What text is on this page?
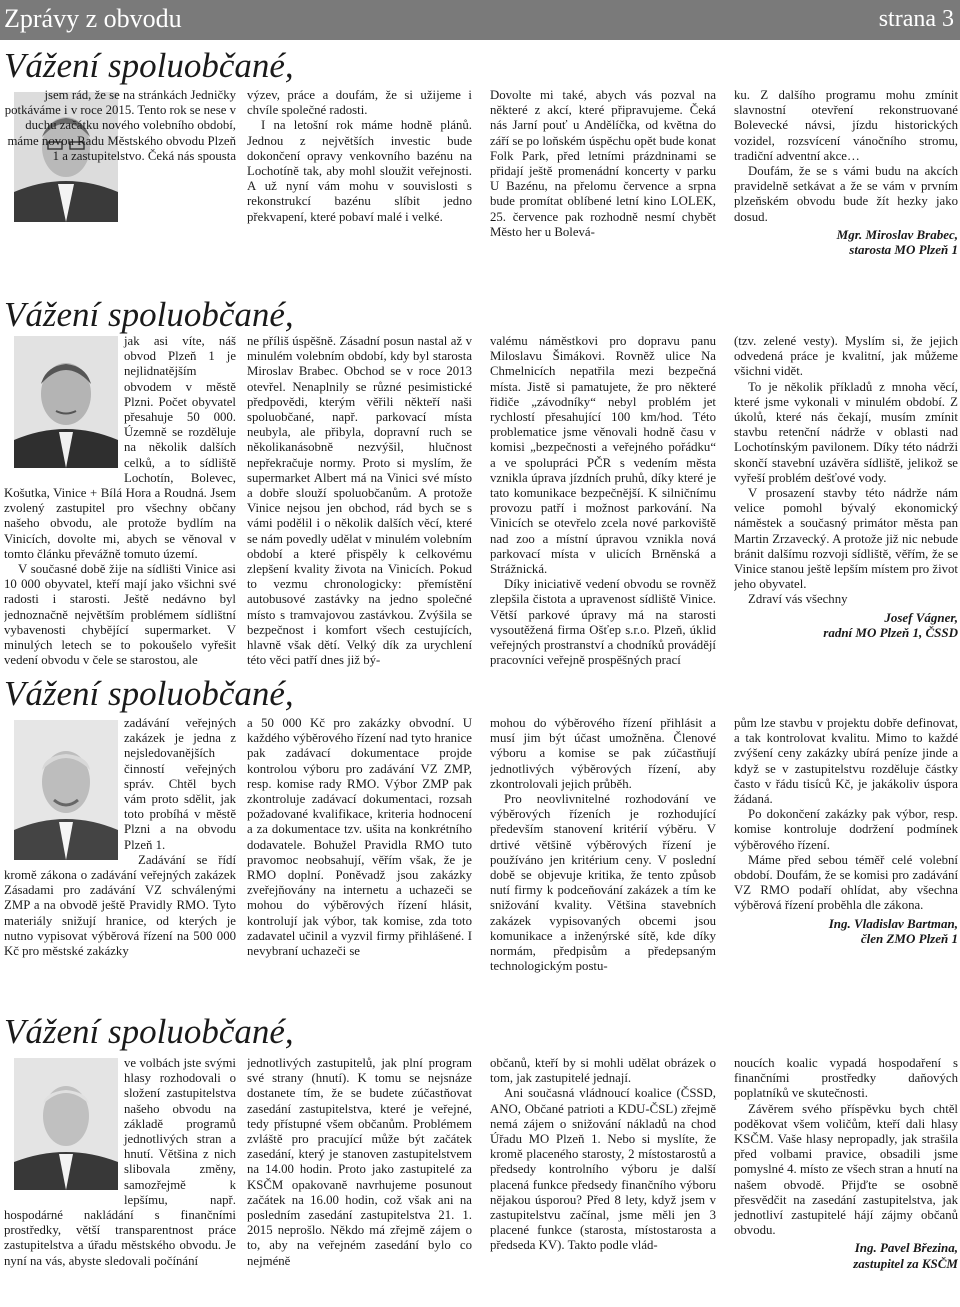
Zprávy z obvodu	strana 3
Vážení spoluobčané,

jsem rád, že se na stránkách Jedničky potkáváme i v roce 2015. Tento rok se nese v duchu začátku nového volebního období, máme novou Radu Městského obvodu Plzeň 1 a zastupitelstvo. Čeká nás spousta

výzev, práce a doufám, že si užijeme i chvíle společné radosti.

I na letošní rok máme hodně plánů. Jednou z největších investic bude dokončení opravy venkovního bazénu na Lochotíně tak, aby mohl sloužit veřejnosti. A už nyní vám mohu v souvislosti s rekonstrukcí bazénu slíbit jedno překvapení, které pobaví malé i velké.

Dovolte mi také, abych vás pozval na některé z akcí, které připravujeme. Čeká nás Jarní pouť u Andělíčka, od května do září se po loňském úspěchu opět bude konat Folk Park, před letními prázdninami se přidají ještě promenádní koncerty v parku U Bazénu, na přelomu července a srpna bude promítat oblíbené letní kino LOLEK, 25. července pak rozhodně nesmí chybět Město her u Bolevá-

ku. Z dalšího programu mohu zmínit slavnostní otevření rekonstruované Bolevecké návsi, jízdu historických vozidel, rozsvícení vánočního stromu, tradiční adventní akce…

Doufám, že se s vámi budu na akcích pravidelně setkávat a že se vám v prvním plzeňském obvodu bude žít hezky jako dosud.

Mgr. Miroslav Brabec,
starosta MO Plzeň 1
Vážení spoluobčané,

jak asi víte, náš obvod Plzeň 1 je nejlidnatějším obvodem v městě Plzni. Počet obyvatel přesahuje 50 000. Územně se rozděluje na několik dalších celků, a to sídliště Lochotín, Bolevec, Košutka, Vinice + Bílá Hora a Roudná. Jsem zvolený zastupitel pro všechny občany našeho obvodu, ale protože bydlím na Vinicích, dovolte mi, abych se věnoval v tomto článku převážně tomuto území.

V současné době žije na sídlišti Vinice asi 10 000 obyvatel, kteří mají jako všichni své radosti i starosti. Ještě nedávno byl jednoznačně největším problémem sídlištní vybavenosti chybějící supermarket. V minulých letech se to pokoušelo vyřešit vedení obvodu v čele se starostou, ale

ne příliš úspěšně. Zásadní posun nastal až v minulém volebním období, kdy byl starosta Miroslav Brabec. Obchod se v roce 2013 otevřel. Nenaplnily se různé pesimistické předpovědi, kterým věřili někteří naši spoluobčané, např. parkovací místa neubyla, ale přibyla, dopravní ruch se několikanásobně nezvýšil, hlučnost nepřekračuje normy. Proto si myslím, že supermarket Albert má na Vinici své místo a dobře slouží spoluobčanům. A protože Vinice nejsou jen obchod, rád bych se s vámi podělil i o několik dalších věcí, které se nám povedly udělat v minulém volebním období a které přispěly k celkovému zlepšení kvality života na Vinicích. Pokud to vezmu chronologicky: přemístění autobusové zastávky na jedno společné místo s tramvajovou zastávkou. Zvýšila se bezpečnost i komfort všech cestujících, hlavně však dětí. Velký dík za urychlení této věci patří dnes již bý-

valému náměstkovi pro dopravu panu Miloslavu Šimákovi. Rovněž ulice Na Chmelnicích nepatřila mezi bezpečná místa. Jistě si pamatujete, že pro některé řidiče „závodníky“ nebyl problém jet rychlostí přesahující 100 km/hod. Této problematice jsme věnovali hodně času v komisi „bezpečnosti a veřejného pořádku“ a ve spolupráci PČR s vedením města vznikla úprava jízdních pruhů, díky které je tato komunikace bezpečnější. K silničnímu provozu patří i možnost parkování. Na Vinicích se otevřelo zcela nové parkoviště nad zoo a místní úpravou vznikla nová parkovací místa v ulicích Brněnská a Strážnická.

Díky iniciativě vedení obvodu se rovněž zlepšila čistota a upravenost sídliště Vinice. Větší parkové úpravy má na starosti vysoutěžená firma Ošťep s.r.o. Plzeň, úklid veřejných prostranství a chodníků provádějí pracovníci veřejně prospěšných prací

(tzv. zelené vesty). Myslím si, že jejich odvedená práce je kvalitní, jak můžeme všichni vidět.

To je několik příkladů z mnoha věcí, které jsme vykonali v minulém období. Z úkolů, které nás čekají, musím zmínit stavbu retenční nádrže v oblasti nad Lochotínským pavilonem. Díky této nádrži skončí stavební uzávěra sídliště, jelikož se vyřeší problém dešťové vody.

V prosazení stavby této nádrže nám velice pomohl bývalý ekonomický náměstek a současný primátor města pan Martin Zrzavecký. A protože již nic nebude bránit dalšímu rozvoji sídliště, věřím, že se Vinice stanou ještě lepším místem pro život jeho obyvatel.

Zdraví vás všechny

Josef Vágner,
radní MO Plzeň 1, ČSSD
Vážení spoluobčané,

zadávání veřejných zakázek je jedna z nejsledovanějších činností veřejných správ. Chtěl bych vám proto sdělit, jak toto probíhá v městě Plzni a na obvodu Plzeň 1.

Zadávání se řídí kromě zákona o zadávání veřejných zakázek Zásadami pro zadávání VZ schválenými ZMP a na obvodě ještě Pravidly RMO. Tyto materiály snižují hranice, od kterých je nutno vypisovat výběrová řízení na 500 000 Kč pro městské zakázky

a 50 000 Kč pro zakázky obvodní. U každého výběrového řízení nad tyto hranice pak zadávací dokumentace projde kontrolou výboru pro zadávání VZ ZMP, resp. komise rady RMO. Výbor ZMP pak zkontroluje zadávací dokumentaci, rozsah požadované kvalifikace, kriteria hodnocení a za dokumentace tzv. ušita na konkrétního dodavatele. Bohužel Pravidla RMO tuto pravomoc neobsahují, věřím však, že je RMO doplní. Poněvadž jsou zakázky zveřejňovány na internetu a uchazeči se mohou do výběrových řízení hlásit, kontrolují jak výbor, tak komise, zda toto zadavatel učinil a vyzvil firmy přihlášené. I nevybraní uchazeči se

mohou do výběrového řízení přihlásit a musí jim být účast umožněna. Členové výboru a komise se pak zúčastňují jednotlivých výběrových řízení, aby zkontrolovali jejich průběh.

Pro neovlivnitelné rozhodování ve výběrových řízeních je rozhodující především stanovení kritérií výběru. V drtivé většině výběrových řízení je používáno jen kritérium ceny. V poslední době se objevuje kritika, že tento způsob nutí firmy k podceňování zakázek a tím ke snižování kvality. Většina stavebních zakázek vypisovaných obcemi jsou komunikace a inženýrské sítě, kde díky normám, předpisům a předepsaným technologickým postu-

pům lze stavbu v projektu dobře definovat, a tak kontrolovat kvalitu. Mimo to každé zvýšení ceny zakázky ubírá peníze jinde a když se v zastupitelstvu rozděluje částky často v řádu tisíců Kč, je jakákoliv úspora žádaná.

Po dokončení zakázky pak výbor, resp. komise kontroluje dodržení podmínek výběrového řízení.

Máme před sebou téměř celé volební období. Doufám, že se komisi pro zadávání VZ RMO podaří ohlídat, aby všechna výběrová řízení proběhla dle zákona.

Ing. Vladislav Bartman,
člen ZMO Plzeň 1
Vážení spoluobčané,

ve volbách jste svými hlasy rozhodovali o složení zastupitelstva našeho obvodu na základě programů jednotlivých stran a hnutí. Většina z nich slibovala změny, samozřejmě k lepšímu, např. hospodárné nakládání s finančními prostředky, větší transparentnost práce zastupitelstva a úřadu městského obvodu. Je nyní na vás, abyste sledovali počínání

jednotlivých zastupitelů, jak plní program své strany (hnutí). K tomu se nejsnáze dostanete tím, že se budete zúčastňovat zasedání zastupitelstva, které je veřejné, tedy přístupné všem občanům. Problémem zvláště pro pracující může být začátek zasedání, který je stanoven zastupitelstvem na 14.00 hodin. Proto jako zastupitelé za KSČM opakovaně navrhujeme posunout začátek na 16.00 hodin, což však ani na posledním zasedání zastupitelstva 21. 1. 2015 neprošlo. Někdo má zřejmě zájem o to, aby na veřejném zasedání bylo co nejméně

občanů, kteří by si mohli udělat obrázek o tom, jak zastupitelé jednají.

Ani současná vládnoucí koalice (ČSSD, ANO, Občané patrioti a KDU-ČSL) zřejmě nemá zájem o snižování nákladů na chod Úřadu MO Plzeň 1. Nebo si myslíte, že kromě placeného starosty, 2 místostarostů a předsedy kontrolního výboru je další placená funkce předsedy finančního výboru nějakou úsporou? Před 8 lety, když jsem v zastupitelstvu začínal, jsme měli jen 3 placené funkce (starosta, místostarosta a předseda KV). Takto podle vlád-

noucích koalic vypadá hospodaření s finančními prostředky daňových poplatníků ve skutečnosti.

Závěrem svého příspěvku bych chtěl poděkovat všem voličům, kteří dali hlasy KSČM. Vaše hlasy nepropadly, jak strašila před volbami pravice, obsadili jsme pomyslné 4. místo ze všech stran a hnutí na našem obvodě. Přijďte se osobně přesvědčit na zasedání zastupitelstva, jak jednotliví zastupitelé hájí zájmy občanů obvodu.

Ing. Pavel Březina,
zastupitel za KSČM
